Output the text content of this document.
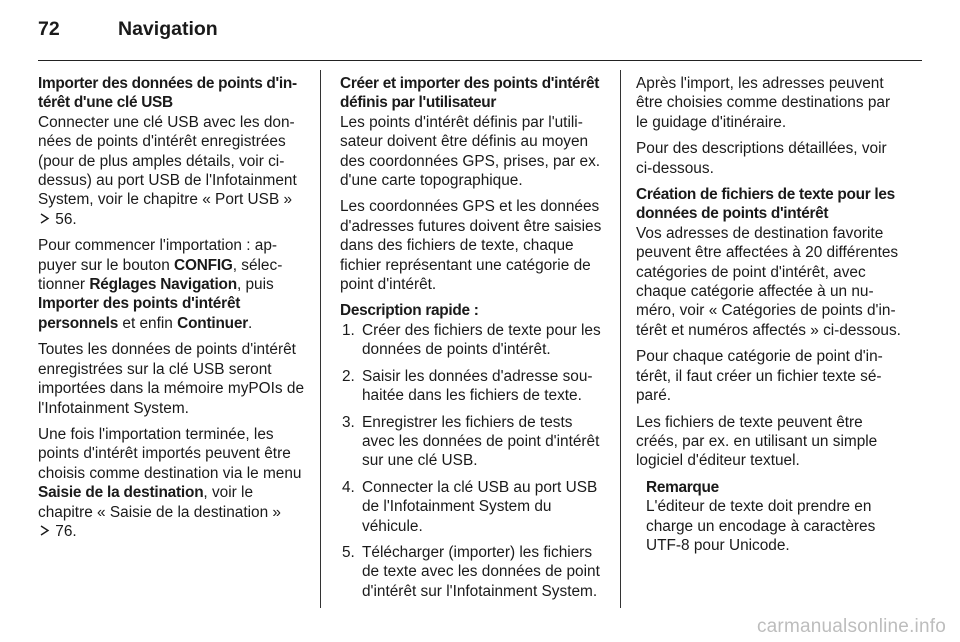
72	Navigation

Importer des données de points d'intérêt d'une clé USB
Connecter une clé USB avec les données de points d'intérêt enregistrées (pour de plus amples détails, voir ci-dessus) au port USB de l'Infotainment System, voir le chapitre « Port USB »  56.

Pour commencer l'importation : appuyer sur le bouton CONFIG, sélectionner Réglages Navigation, puis Importer des points d'intérêt personnels et enfin Continuer.

Toutes les données de points d'intérêt enregistrées sur la clé USB seront importées dans la mémoire myPOIs de l'Infotainment System.

Une fois l'importation terminée, les points d'intérêt importés peuvent être choisis comme destination via le menu Saisie de la destination, voir le chapitre « Saisie de la destination »
76.

Créer et importer des points d'intérêt définis par l'utilisateur
Les points d'intérêt définis par l'utilisateur doivent être définis au moyen des coordonnées GPS, prises, par ex. d'une carte topographique.

Les coordonnées GPS et les données d'adresses futures doivent être saisies dans des fichiers de texte, chaque fichier représentant une catégorie de point d'intérêt.

Description rapide :
1. Créer des fichiers de texte pour les données de points d'intérêt.
2. Saisir les données d'adresse souhaitée dans les fichiers de texte.
3. Enregistrer les fichiers de tests avec les données de point d'intérêt sur une clé USB.
4. Connecter la clé USB au port USB de l'Infotainment System du véhicule.
5. Télécharger (importer) les fichiers de texte avec les données de point d'intérêt sur l'Infotainment System.

Après l'import, les adresses peuvent être choisies comme destinations par le guidage d'itinéraire.

Pour des descriptions détaillées, voir ci-dessous.

Création de fichiers de texte pour les données de points d'intérêt
Vos adresses de destination favorite peuvent être affectées à 20 différentes catégories de point d'intérêt, avec chaque catégorie affectée à un numéro, voir « Catégories de points d'intérêt et numéros affectés » ci-dessous.

Pour chaque catégorie de point d'intérêt, il faut créer un fichier texte séparé.

Les fichiers de texte peuvent être créés, par ex. en utilisant un simple logiciel d'éditeur textuel.

Remarque
L'éditeur de texte doit prendre en charge un encodage à caractères UTF-8 pour Unicode.
carmanualsonline.info
